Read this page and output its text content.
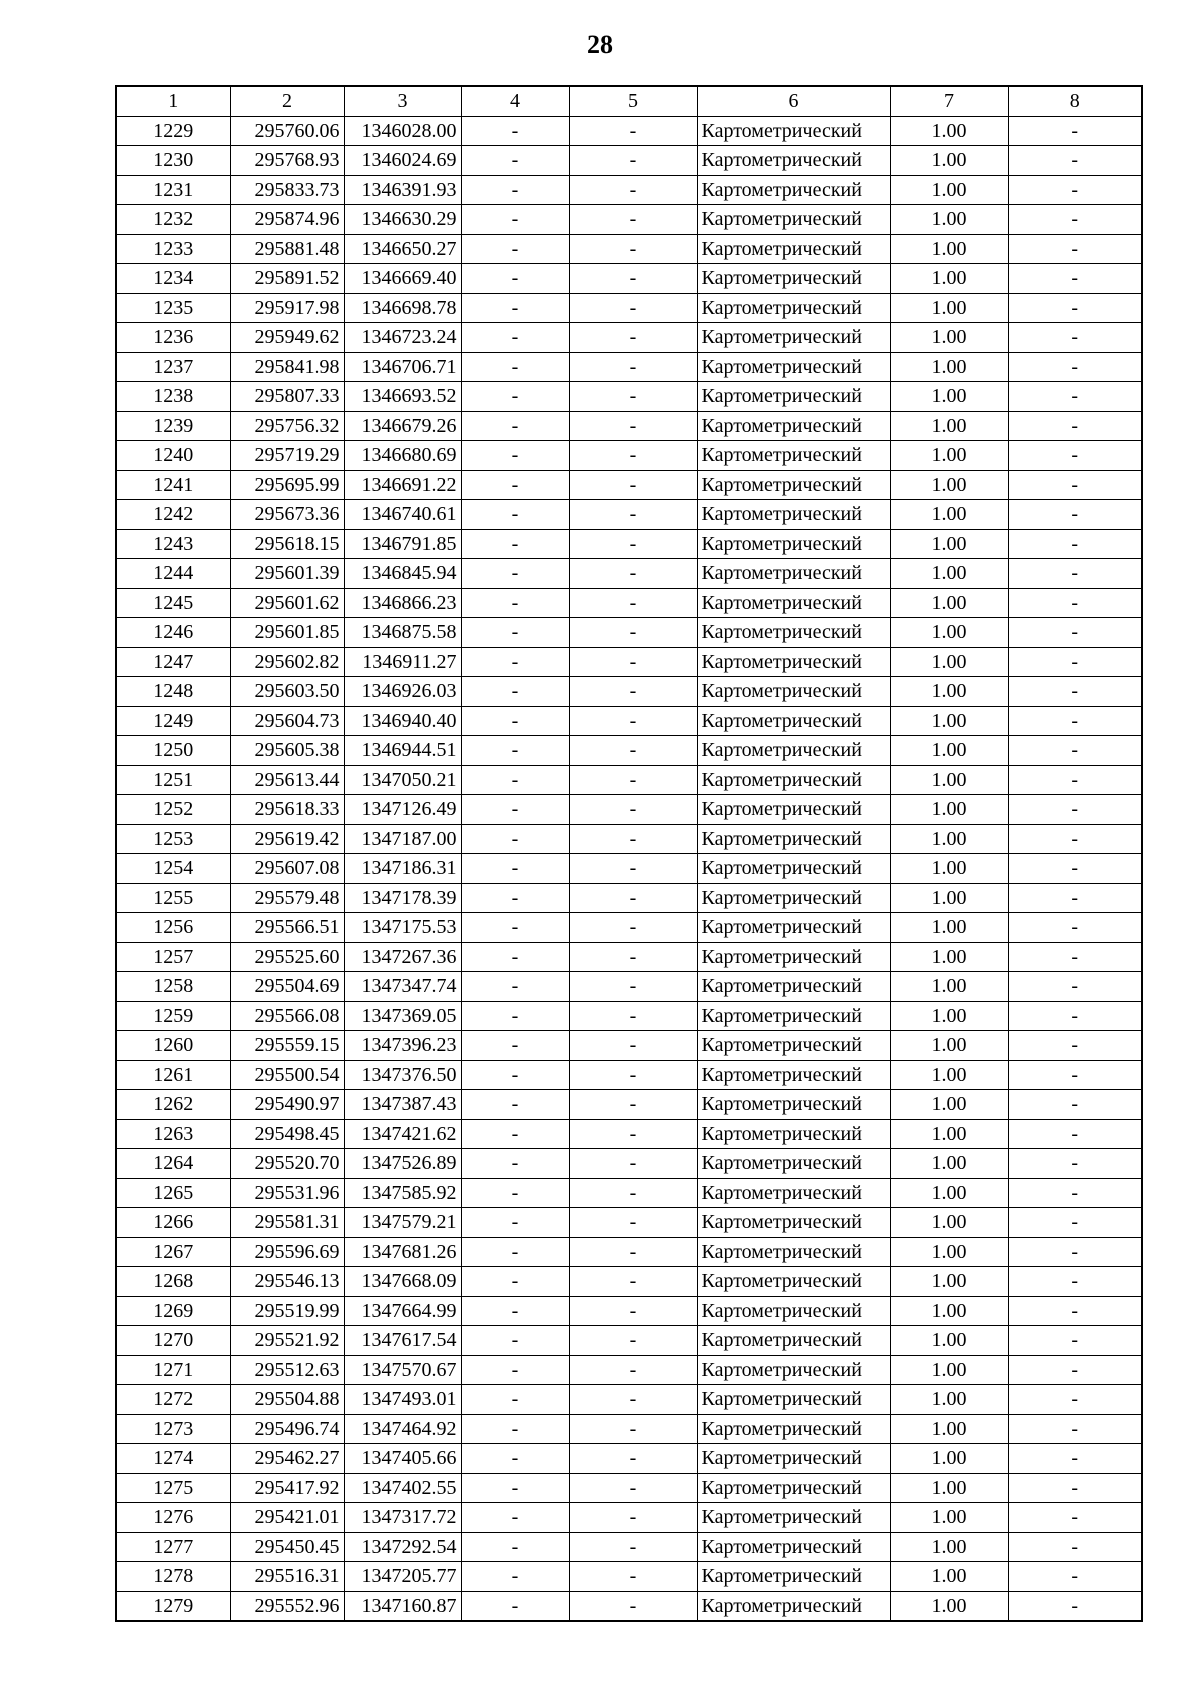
28
1	2	3	4	5	6	7	8
1229	295760.06	1346028.00	-	-	Картометрический	1.00	-
1230	295768.93	1346024.69	-	-	Картометрический	1.00	-
1231	295833.73	1346391.93	-	-	Картометрический	1.00	-
1232	295874.96	1346630.29	-	-	Картометрический	1.00	-
1233	295881.48	1346650.27	-	-	Картометрический	1.00	-
1234	295891.52	1346669.40	-	-	Картометрический	1.00	-
1235	295917.98	1346698.78	-	-	Картометрический	1.00	-
1236	295949.62	1346723.24	-	-	Картометрический	1.00	-
1237	295841.98	1346706.71	-	-	Картометрический	1.00	-
1238	295807.33	1346693.52	-	-	Картометрический	1.00	-
1239	295756.32	1346679.26	-	-	Картометрический	1.00	-
1240	295719.29	1346680.69	-	-	Картометрический	1.00	-
1241	295695.99	1346691.22	-	-	Картометрический	1.00	-
1242	295673.36	1346740.61	-	-	Картометрический	1.00	-
1243	295618.15	1346791.85	-	-	Картометрический	1.00	-
1244	295601.39	1346845.94	-	-	Картометрический	1.00	-
1245	295601.62	1346866.23	-	-	Картометрический	1.00	-
1246	295601.85	1346875.58	-	-	Картометрический	1.00	-
1247	295602.82	1346911.27	-	-	Картометрический	1.00	-
1248	295603.50	1346926.03	-	-	Картометрический	1.00	-
1249	295604.73	1346940.40	-	-	Картометрический	1.00	-
1250	295605.38	1346944.51	-	-	Картометрический	1.00	-
1251	295613.44	1347050.21	-	-	Картометрический	1.00	-
1252	295618.33	1347126.49	-	-	Картометрический	1.00	-
1253	295619.42	1347187.00	-	-	Картометрический	1.00	-
1254	295607.08	1347186.31	-	-	Картометрический	1.00	-
1255	295579.48	1347178.39	-	-	Картометрический	1.00	-
1256	295566.51	1347175.53	-	-	Картометрический	1.00	-
1257	295525.60	1347267.36	-	-	Картометрический	1.00	-
1258	295504.69	1347347.74	-	-	Картометрический	1.00	-
1259	295566.08	1347369.05	-	-	Картометрический	1.00	-
1260	295559.15	1347396.23	-	-	Картометрический	1.00	-
1261	295500.54	1347376.50	-	-	Картометрический	1.00	-
1262	295490.97	1347387.43	-	-	Картометрический	1.00	-
1263	295498.45	1347421.62	-	-	Картометрический	1.00	-
1264	295520.70	1347526.89	-	-	Картометрический	1.00	-
1265	295531.96	1347585.92	-	-	Картометрический	1.00	-
1266	295581.31	1347579.21	-	-	Картометрический	1.00	-
1267	295596.69	1347681.26	-	-	Картометрический	1.00	-
1268	295546.13	1347668.09	-	-	Картометрический	1.00	-
1269	295519.99	1347664.99	-	-	Картометрический	1.00	-
1270	295521.92	1347617.54	-	-	Картометрический	1.00	-
1271	295512.63	1347570.67	-	-	Картометрический	1.00	-
1272	295504.88	1347493.01	-	-	Картометрический	1.00	-
1273	295496.74	1347464.92	-	-	Картометрический	1.00	-
1274	295462.27	1347405.66	-	-	Картометрический	1.00	-
1275	295417.92	1347402.55	-	-	Картометрический	1.00	-
1276	295421.01	1347317.72	-	-	Картометрический	1.00	-
1277	295450.45	1347292.54	-	-	Картометрический	1.00	-
1278	295516.31	1347205.77	-	-	Картометрический	1.00	-
1279	295552.96	1347160.87	-	-	Картометрический	1.00	-
